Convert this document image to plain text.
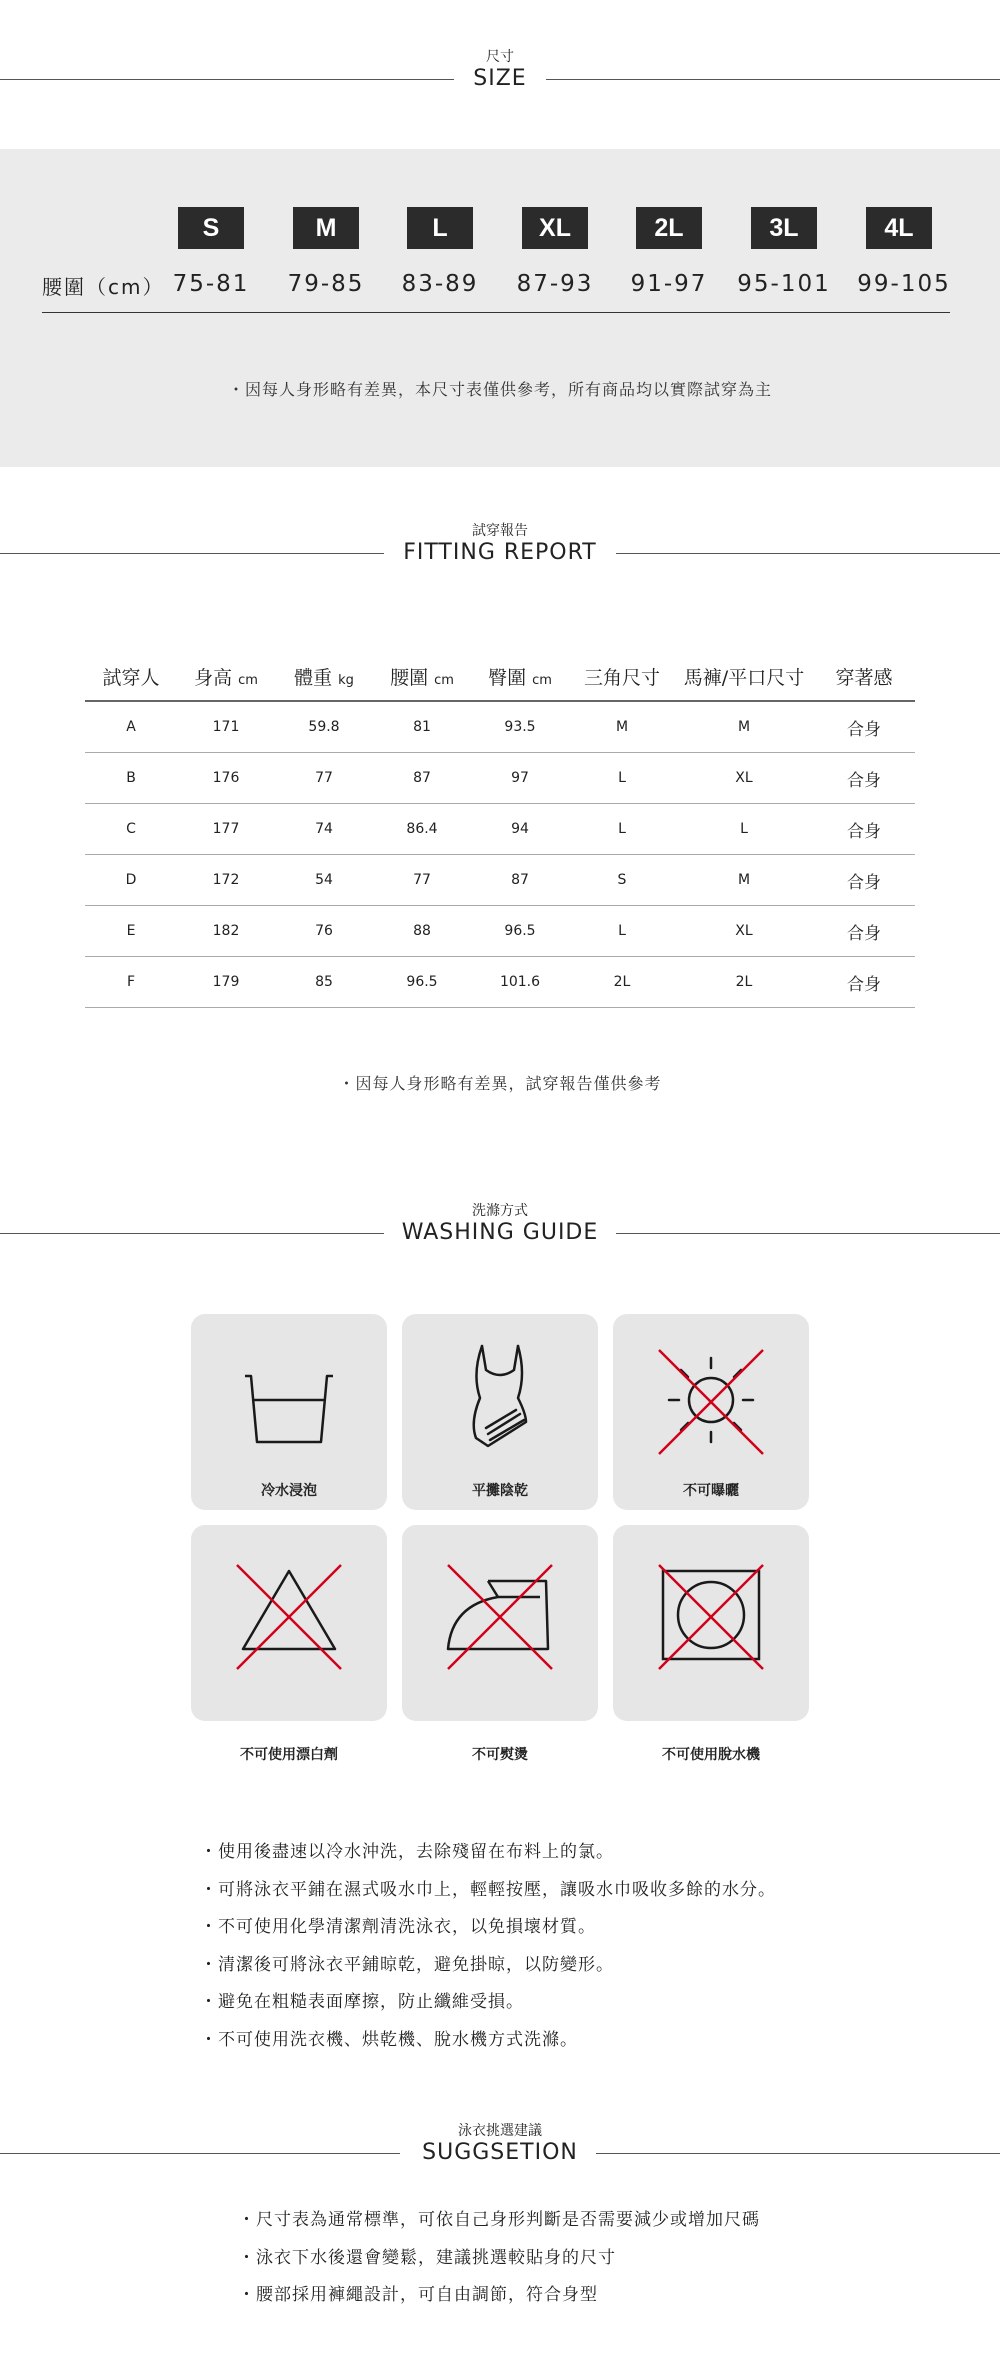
尺寸
SIZE
S	M	L	XL	2L	3L	4L
腰圍（cm） 75-81	79-85	83-89	87-93	91-97	95-101	99-105
・因每人身形略有差異，本尺寸表僅供參考，所有商品均以實際試穿為主
試穿報告
FITTING REPORT
試穿人	身高 cm	體重 kg	腰圍 cm	臀圍 cm	三角尺寸	馬褲/平口尺寸	穿著感
A	171	59.8	81	93.5	M	M	合身
B	176	77	87	97	L	XL	合身
C	177	74	86.4	94	L	L	合身
D	172	54	77	87	S	M	合身
E	182	76	88	96.5	L	XL	合身
F	179	85	96.5	101.6	2L	2L	合身
・因每人身形略有差異，試穿報告僅供參考
洗滌方式
WASHING GUIDE
冷水浸泡	平攤陰乾	不可曝曬
不可使用漂白劑	不可熨燙	不可使用脫水機
・使用後盡速以冷水沖洗，去除殘留在布料上的氯。
・可將泳衣平鋪在濕式吸水巾上，輕輕按壓，讓吸水巾吸收多餘的水分。
・不可使用化學清潔劑清洗泳衣，以免損壞材質。
・清潔後可將泳衣平鋪晾乾，避免掛晾，以防變形。
・避免在粗糙表面摩擦，防止纖維受損。
・不可使用洗衣機、烘乾機、脫水機方式洗滌。
泳衣挑選建議
SUGGSETION
・尺寸表為通常標準，可依自己身形判斷是否需要減少或增加尺碼
・泳衣下水後還會變鬆，建議挑選較貼身的尺寸
・腰部採用褲繩設計，可自由調節，符合身型
